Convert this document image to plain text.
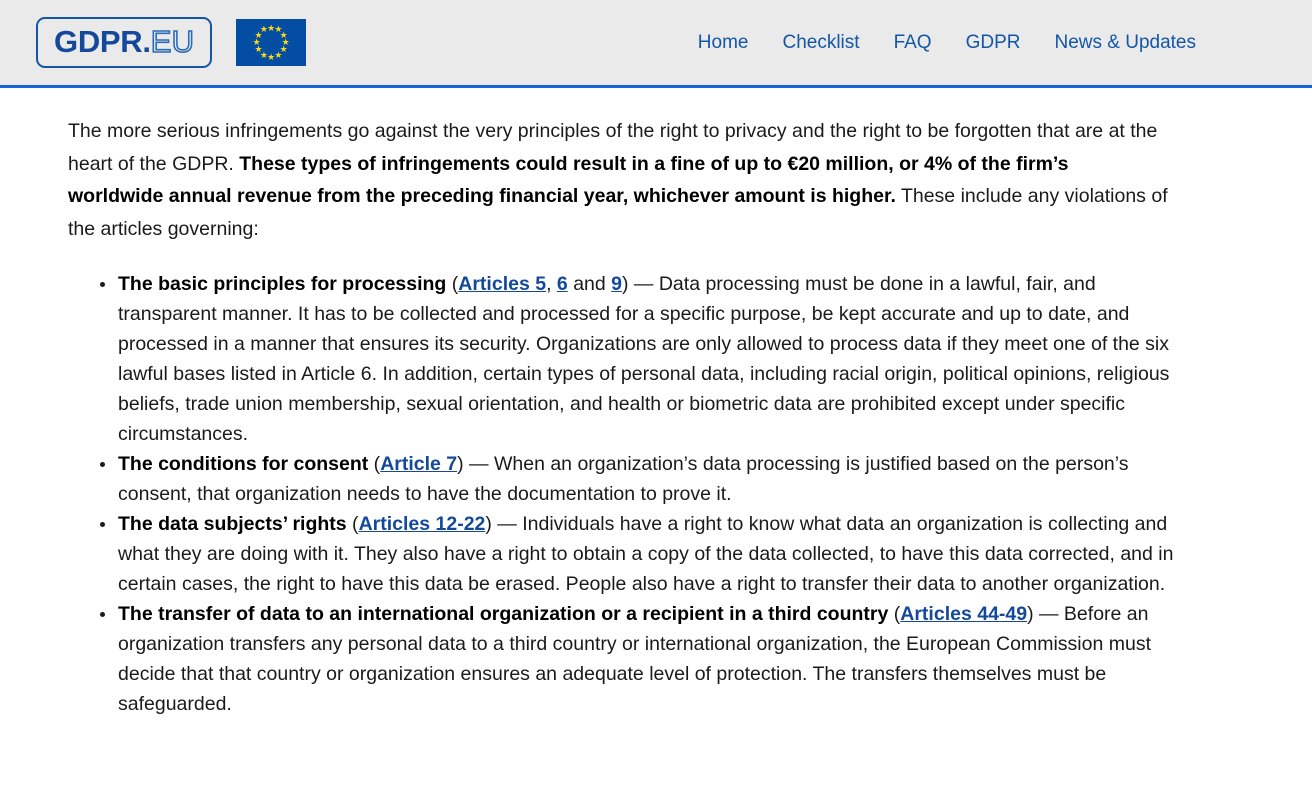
GDPR. EU	★ ★
★
★
★
★
★
★
★
★
★
★
Home Checklist FAQ GDPR News & Updates

The more serious infringements go against the very principles of the right to privacy and the right to be forgotten that are at the heart of the GDPR. These types of infringements could result in a fine of up to €20 million, or 4% of the firm’s worldwide annual revenue from the preceding financial year, whichever amount is higher. These include any violations of the articles governing:

The basic principles for processing (Articles 5, 6 and 9) — Data processing must be done in a lawful, fair, and transparent manner. It has to be collected and processed for a specific purpose, be kept accurate and up to date, and processed in a manner that ensures its security. Organizations are only allowed to process data if they meet one of the six lawful bases listed in Article 6. In addition, certain types of personal data, including racial origin, political opinions, religious beliefs, trade union membership, sexual orientation, and health or biometric data are prohibited except under specific circumstances.
The conditions for consent (Article 7) — When an organization’s data processing is justified based on the person’s consent, that organization needs to have the documentation to prove it.
The data subjects’ rights (Articles 12-22) — Individuals have a right to know what data an organization is collecting and what they are doing with it. They also have a right to obtain a copy of the data collected, to have this data corrected, and in certain cases, the right to have this data be erased. People also have a right to transfer their data to another organization.
The transfer of data to an international organization or a recipient in a third country (Articles 44-49) — Before an organization transfers any personal data to a third country or international organization, the European Commission must decide that that country or organization ensures an adequate level of protection. The transfers themselves must be safeguarded.
